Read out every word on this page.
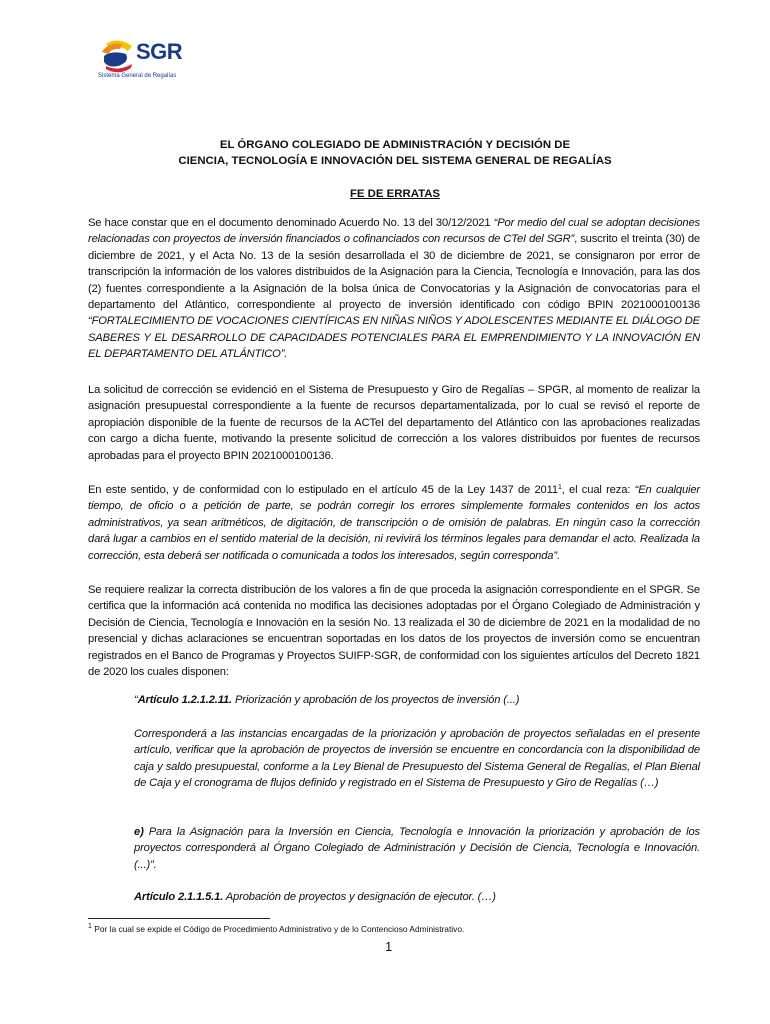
SGR
Sistema General de Regalías
EL ÓRGANO COLEGIADO DE ADMINISTRACIÓN Y DECISIÓN DE
CIENCIA, TECNOLOGÍA E INNOVACIÓN DEL SISTEMA GENERAL DE REGALÍAS
FE DE ERRATAS
Se hace constar que en el documento denominado Acuerdo No. 13 del 30/12/2021 “Por medio del cual se adoptan decisiones relacionadas con proyectos de inversión financiados o cofinanciados con recursos de CTeI del SGR”, suscrito el treinta (30) de diciembre de 2021, y el Acta No. 13 de la sesión desarrollada el 30 de diciembre de 2021, se consignaron por error de transcripción la información de los valores distribuidos de la Asignación para la Ciencia, Tecnología e Innovación, para las dos (2) fuentes correspondiente a la Asignación de la bolsa única de Convocatorias y la Asignación de convocatorias para el departamento del Atlántico, correspondiente al proyecto de inversión identificado con código BPIN 2021000100136 “FORTALECIMIENTO DE VOCACIONES CIENTÍFICAS EN NIÑAS NIÑOS Y ADOLESCENTES MEDIANTE EL DIÁLOGO DE SABERES Y EL DESARROLLO DE CAPACIDADES POTENCIALES PARA EL EMPRENDIMIENTO Y LA INNOVACIÓN EN EL DEPARTAMENTO DEL ATLÁNTICO”.
La solicitud de corrección se evidenció en el Sistema de Presupuesto y Giro de Regalías – SPGR, al momento de realizar la asignación presupuestal correspondiente a la fuente de recursos departamentalizada, por lo cual se revisó el reporte de apropiación disponible de la fuente de recursos de la ACTeI del departamento del Atlántico con las aprobaciones realizadas con cargo a dicha fuente, motivando la presente solicitud de corrección a los valores distribuidos por fuentes de recursos aprobadas para el proyecto BPIN 2021000100136.
En este sentido, y de conformidad con lo estipulado en el artículo 45 de la Ley 1437 de 2011$^1$, el cual reza: “En cualquier tiempo, de oficio o a petición de parte, se podrán corregir los errores simplemente formales contenidos en los actos administrativos, ya sean aritméticos, de digitación, de transcripción o de omisión de palabras. En ningún caso la corrección dará lugar a cambios en el sentido material de la decisión, ni revivirá los términos legales para demandar el acto. Realizada la corrección, esta deberá ser notificada o comunicada a todos los interesados, según corresponda”.
Se requiere realizar la correcta distribución de los valores a fin de que proceda la asignación correspondiente en el SPGR. Se certifica que la información acá contenida no modifica las decisiones adoptadas por el Órgano Colegiado de Administración y Decisión de Ciencia, Tecnología e Innovación en la sesión No. 13 realizada el 30 de diciembre de 2021 en la modalidad de no presencial y dichas aclaraciones se encuentran soportadas en los datos de los proyectos de inversión como se encuentran registrados en el Banco de Programas y Proyectos SUIFP-SGR, de conformidad con los siguientes artículos del Decreto 1821 de 2020 los cuales disponen:
“Artículo 1.2.1.2.11. Priorización y aprobación de los proyectos de inversión (...)
Corresponderá a las instancias encargadas de la priorización y aprobación de proyectos señaladas en el presente artículo, verificar que la aprobación de proyectos de inversión se encuentre en concordancia con la disponibilidad de caja y saldo presupuestal, conforme a la Ley Bienal de Presupuesto del Sistema General de Regalías, el Plan Bienal de Caja y el cronograma de flujos definido y registrado en el Sistema de Presupuesto y Giro de Regalías (…)
e) Para la Asignación para la Inversión en Ciencia, Tecnología e Innovación la priorización y aprobación de los proyectos corresponderá al Órgano Colegiado de Administración y Decisión de Ciencia, Tecnología e Innovación. (...)”.
Artículo 2.1.1.5.1. Aprobación de proyectos y designación de ejecutor. (…)
$^1$ Por la cual se expide el Código de Procedimiento Administrativo y de lo Contencioso Administrativo.
1
